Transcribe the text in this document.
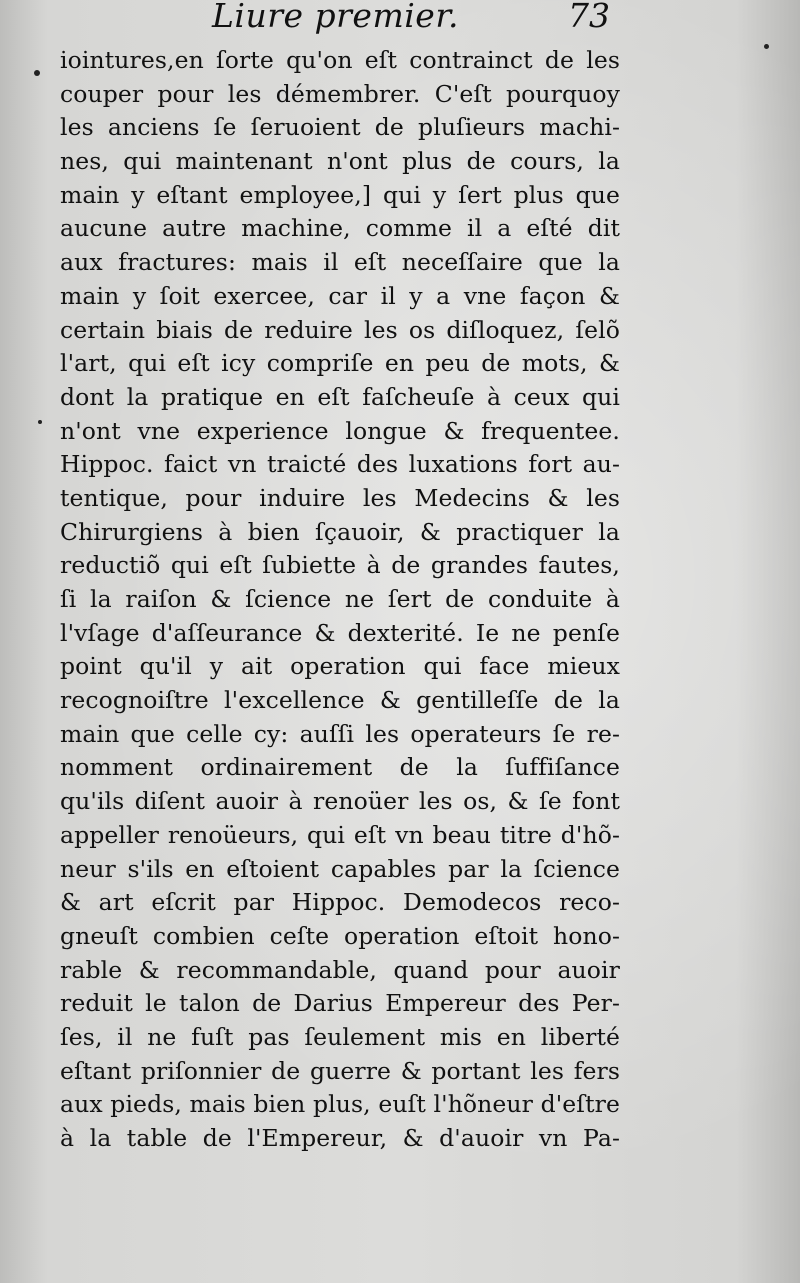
Liure premier.	73
iointures,en ſorte qu'on eſt contrainct de les
couper pour les démembrer. C'eſt pourquoy
les anciens ſe ſeruoient de pluſieurs machi-
nes, qui maintenant n'ont plus de cours, la
main y eſtant employee,] qui y ſert plus que
aucune autre machine, comme il a eſté dit
aux fractures: mais il eſt neceſſaire que la
main y ſoit exercee, car il y a vne façon &
certain biais de reduire les os diſloquez, ſelõ
l'art, qui eſt icy compriſe en peu de mots, &
dont la pratique en eſt faſcheuſe à ceux qui
n'ont vne experience longue & frequentee.
Hippoc. faict vn traicté des luxations fort au-
tentique, pour induire les Medecins & les
Chirurgiens à bien ſçauoir, & practiquer la
reductiõ qui eſt ſubiette à de grandes fautes,
ſi la raiſon & ſcience ne ſert de conduite à
l'vſage d'aſſeurance & dexterité. Ie ne penſe
point qu'il y ait operation qui face mieux
recognoiſtre l'excellence & gentilleſſe de la
main que celle cy: auſſi les operateurs ſe re-
nomment ordinairement de la ſuffiſance
qu'ils diſent auoir à renoüer les os, & ſe font
appeller renoüeurs, qui eſt vn beau titre d'hõ-
neur s'ils en eſtoient capables par la ſcience
& art eſcrit par Hippoc. Demodecos reco-
gneuſt combien ceſte operation eſtoit hono-
rable & recommandable, quand pour auoir
reduit le talon de Darius Empereur des Per-
ſes, il ne fuſt pas ſeulement mis en liberté
eſtant priſonnier de guerre & portant les fers
aux pieds, mais bien plus, euſt l'hõneur d'eſtre
à la table de l'Empereur, & d'auoir vn Pa-
